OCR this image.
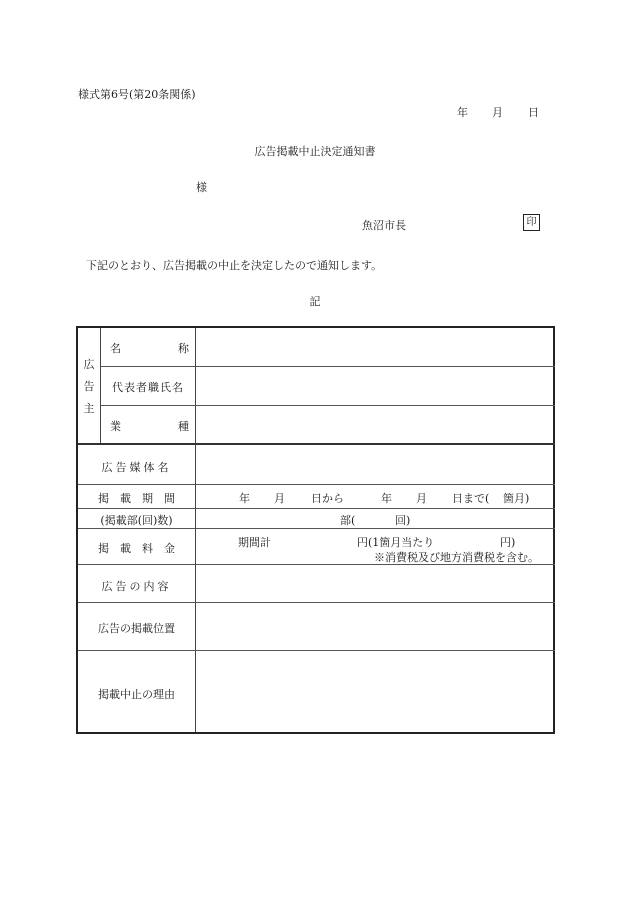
様式第6号(第20条関係)
年 月 日
広告掲載中止決定通知書
様
魚沼市長	印
下記のとおり、広告掲載の中止を決定したので通知します。
記
広
告
主
名	称
代表者職氏名
業	種
広告媒体名
掲　載　期　間	年 月 日から	年 月 日まで( 箇月)
(掲載部(回)数)	部(	回)
掲　載　料　金	期間計	円(1箇月当たり	円)
※消費税及び地方消費税を含む。
広告の内容
広告の掲載位置
掲載中止の理由
